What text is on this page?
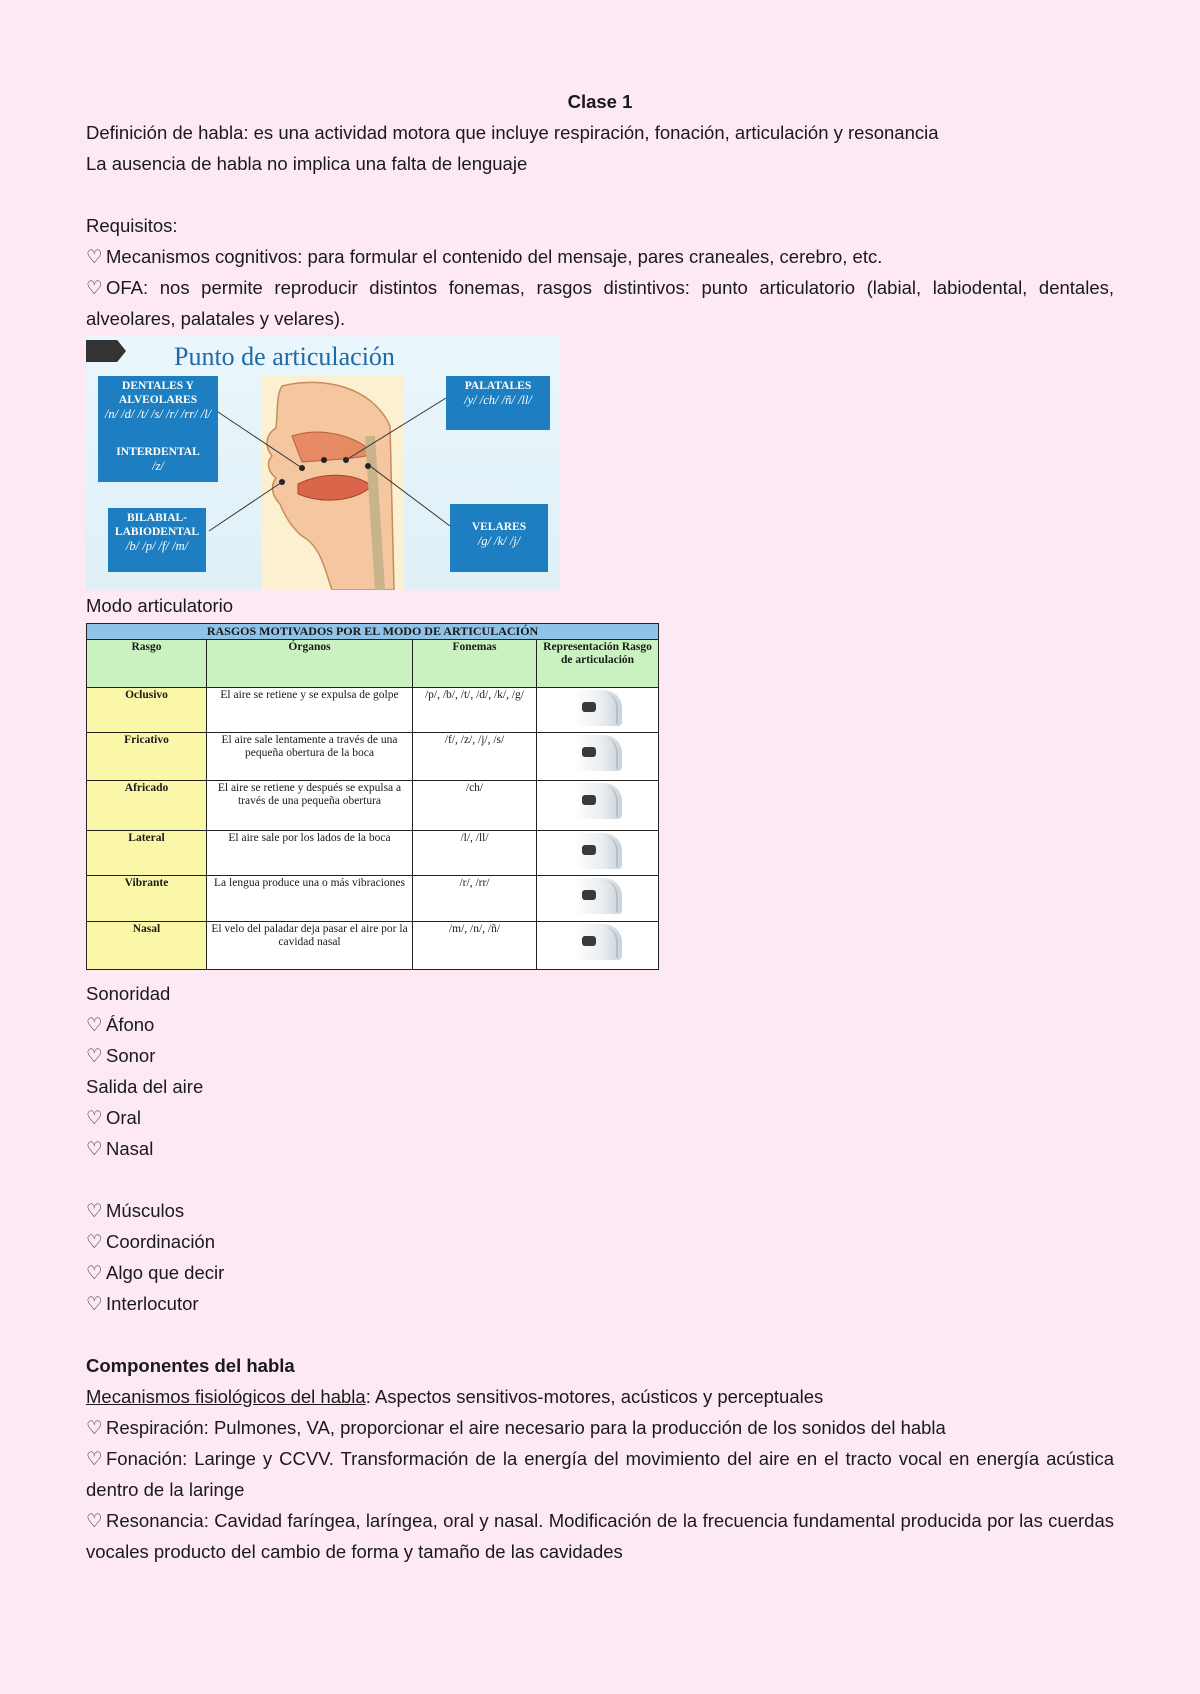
Clase 1
Definición de habla: es una actividad motora que incluye respiración, fonación, articulación y resonancia
La ausencia de habla no implica una falta de lenguaje
Requisitos:
♡ Mecanismos cognitivos: para formular el contenido del mensaje, pares craneales, cerebro, etc.
♡ OFA: nos permite reproducir distintos fonemas, rasgos distintivos: punto articulatorio (labial, labiodental, dentales, alveolares, palatales y velares).
Punto de articulación
DENTALES Y ALVEOLARES
/n/ /d/ /t/ /s/ /r/ /rr/ /l/
INTERDENTAL
/z/
PALATALES
/y/ /ch/ /ñ/ /ll/
BILABIAL-LABIODENTAL
/b/ /p/ /f/ /m/
VELARES
/g/ /k/ /j/
Modo articulatorio
RASGOS MOTIVADOS POR EL MODO DE ARTICULACIÓN			
Rasgo	Órganos	Fonemas	Representación Rasgo de articulación
Oclusivo	El aire se retiene y se expulsa de golpe	/p/, /b/, /t/, /d/, /k/, /g/	
Fricativo	El aire sale lentamente a través de una pequeña obertura de la boca	/f/, /z/, /j/, /s/	
Africado	El aire se retiene y después se expulsa a través de una pequeña obertura	/ch/	
Lateral	El aire sale por los lados de la boca	/l/, /ll/	
Vibrante	La lengua produce una o más vibraciones	/r/, /rr/	
Nasal	El velo del paladar deja pasar el aire por la cavidad nasal	/m/, /n/, /ñ/	
Sonoridad
♡ Áfono
♡ Sonor
Salida del aire
♡ Oral
♡ Nasal
♡ Músculos
♡ Coordinación
♡ Algo que decir
♡ Interlocutor
Componentes del habla
Mecanismos fisiológicos del habla: Aspectos sensitivos-motores, acústicos y perceptuales
♡ Respiración: Pulmones, VA, proporcionar el aire necesario para la producción de los sonidos del habla
♡ Fonación: Laringe y CCVV. Transformación de la energía del movimiento del aire en el tracto vocal en energía acústica dentro de la laringe
♡ Resonancia: Cavidad faríngea, laríngea, oral y nasal. Modificación de la frecuencia fundamental producida por las cuerdas vocales producto del cambio de forma y tamaño de las cavidades
